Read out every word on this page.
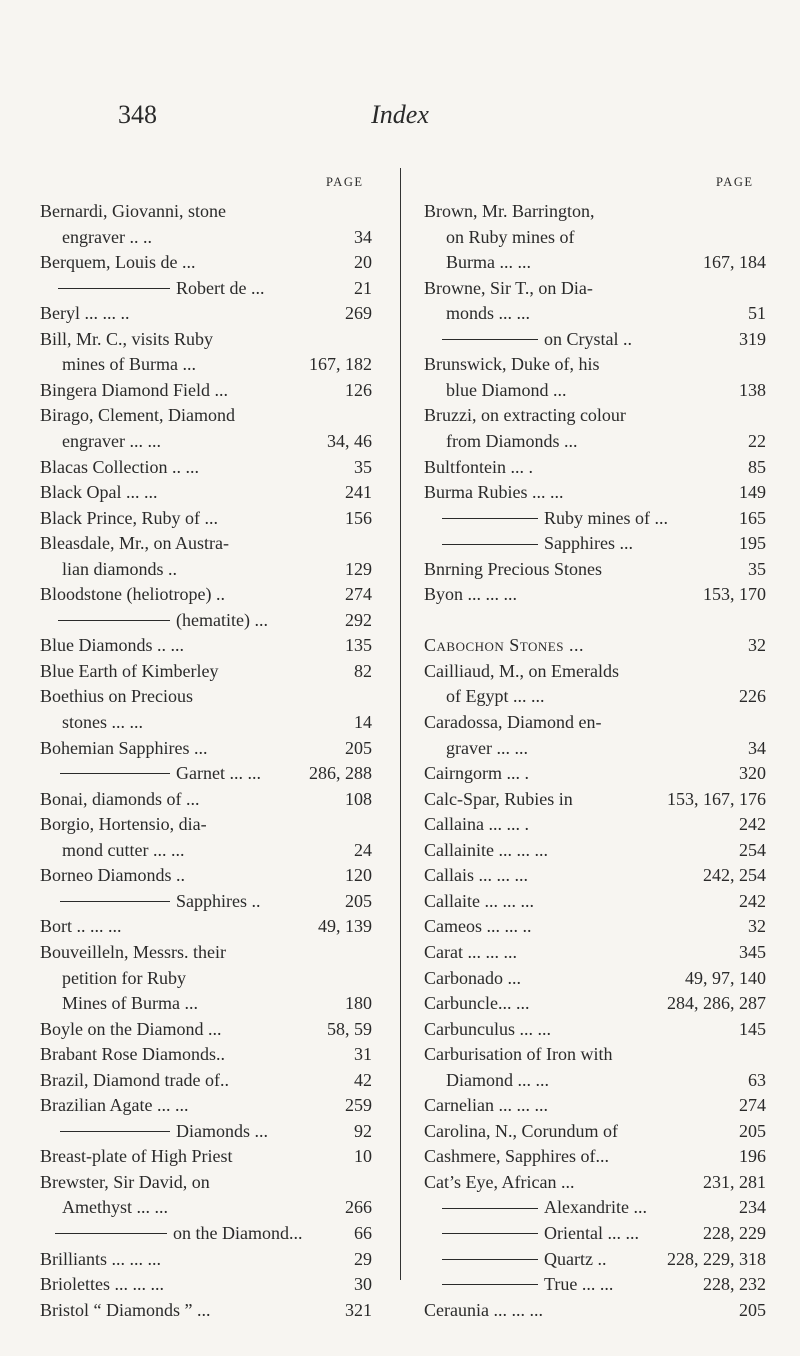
348	Index
PAGE
Bernardi, Giovanni, stone
engraver .. ..	34
Berquem, Louis de ...	20
Robert de ...	21
Beryl ... ... ..	269
Bill, Mr. C., visits Ruby
mines of Burma ...	167, 182
Bingera Diamond Field ...	126
Birago, Clement, Diamond
engraver ... ...	34, 46
Blacas Collection .. ...	35
Black Opal ... ...	241
Black Prince, Ruby of ...	156
Bleasdale, Mr., on Austra-
lian diamonds ..	129
Bloodstone (heliotrope) ..	274
(hematite) ...	292
Blue Diamonds .. ...	135
Blue Earth of Kimberley	82
Boethius on Precious
stones ... ...	14
Bohemian Sapphires ...	205
Garnet ... ...	286, 288
Bonai, diamonds of ...	108
Borgio, Hortensio, dia-
mond cutter ... ...	24
Borneo Diamonds ..	120
Sapphires ..	205
Bort .. ... ...	49, 139
Bouveilleln, Messrs. their
petition for Ruby
Mines of Burma ...	180
Boyle on the Diamond ...	58, 59
Brabant Rose Diamonds..	31
Brazil, Diamond trade of..	42
Brazilian Agate ... ...	259
Diamonds ...	92
Breast-plate of High Priest	10
Brewster, Sir David, on
Amethyst ... ...	266
on the Diamond...	66
Brilliants ... ... ...	29
Briolettes ... ... ...	30
Bristol “ Diamonds ” ...	321
PAGE
Brown, Mr. Barrington,
on Ruby mines of
Burma ... ...	167, 184
Browne, Sir T., on Dia-
monds ... ...	51
on Crystal ..	319
Brunswick, Duke of, his
blue Diamond ...	138
Bruzzi, on extracting colour
from Diamonds ...	22
Bultfontein ... .	85
Burma Rubies ... ...	149
Ruby mines of ...	165
Sapphires ...	195
Bnrning Precious Stones	35
Byon ... ... ...	153, 170
Cabochon Stones ...	32
Cailliaud, M., on Emeralds
of Egypt ... ...	226
Caradossa, Diamond en-
graver ... ...	34
Cairngorm ... .	320
Calc-Spar, Rubies in	153, 167, 176
Callaina ... ... .	242
Callainite ... ... ...	254
Callais ... ... ...	242, 254
Callaite ... ... ...	242
Cameos ... ... ..	32
Carat ... ... ...	345
Carbonado ...	49, 97, 140
Carbuncle... ...	284, 286, 287
Carbunculus ... ...	145
Carburisation of Iron with
Diamond ... ...	63
Carnelian ... ... ...	274
Carolina, N., Corundum of	205
Cashmere, Sapphires of...	196
Cat’s Eye, African ...	231, 281
Alexandrite ...	234
Oriental ... ...	228, 229
Quartz ..	228, 229, 318
True ... ...	228, 232
Ceraunia ... ... ...	205
